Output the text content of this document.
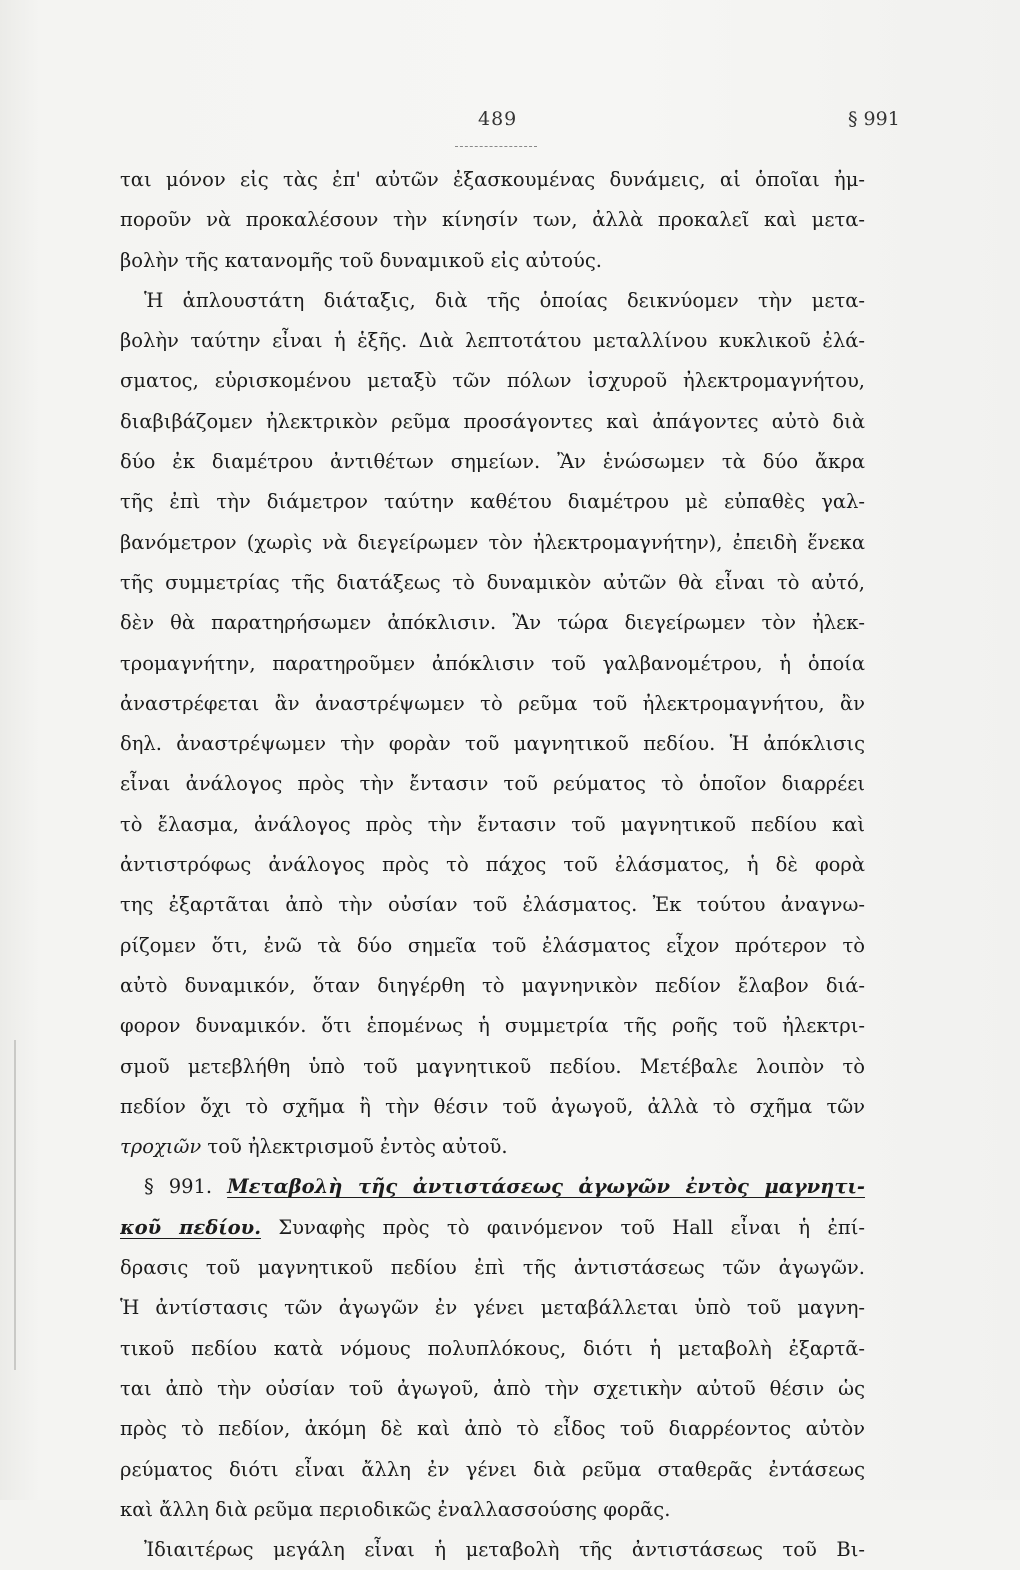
489	§ 991
ται μόνον εἰς τὰς ἐπ' αὐτῶν ἐξασκουμένας δυνάμεις, αἱ ὁποῖαι ἠμ-
ποροῦν νὰ προκαλέσουν τὴν κίνησίν των, ἀλλὰ προκαλεῖ καὶ μετα-
βολὴν τῆς κατανομῆς τοῦ δυναμικοῦ εἰς αὐτούς.
Ἡ ἁπλουστάτη διάταξις, διὰ τῆς ὁποίας δεικνύομεν τὴν μετα-
βολὴν ταύτην εἶναι ἡ ἑξῆς. Διὰ λεπτοτάτου μεταλλίνου κυκλικοῦ ἐλά-
σματος, εὑρισκομένου μεταξὺ τῶν πόλων ἰσχυροῦ ἠλεκτρομαγνήτου,
διαβιβάζομεν ἠλεκτρικὸν ρεῦμα προσάγοντες καὶ ἀπάγοντες αὐτὸ διὰ
δύο ἐκ διαμέτρου ἀντιθέτων σημείων. Ἂν ἑνώσωμεν τὰ δύο ἄκρα
τῆς ἐπὶ τὴν διάμετρον ταύτην καθέτου διαμέτρου μὲ εὐπαθὲς γαλ-
βανόμετρον (χωρὶς νὰ διεγείρωμεν τὸν ἠλεκτρομαγνήτην), ἐπειδὴ ἕνεκα
τῆς συμμετρίας τῆς διατάξεως τὸ δυναμικὸν αὐτῶν θὰ εἶναι τὸ αὐτό,
δὲν θὰ παρατηρήσωμεν ἀπόκλισιν. Ἂν τώρα διεγείρωμεν τὸν ἠλεκ-
τρομαγνήτην, παρατηροῦμεν ἀπόκλισιν τοῦ γαλβανομέτρου, ἡ ὁποία
ἀναστρέφεται ἂν ἀναστρέψωμεν τὸ ρεῦμα τοῦ ἠλεκτρομαγνήτου, ἂν
δηλ. ἀναστρέψωμεν τὴν φορὰν τοῦ μαγνητικοῦ πεδίου. Ἡ ἀπόκλισις
εἶναι ἀνάλογος πρὸς τὴν ἔντασιν τοῦ ρεύματος τὸ ὁποῖον διαρρέει
τὸ ἔλασμα, ἀνάλογος πρὸς τὴν ἔντασιν τοῦ μαγνητικοῦ πεδίου καὶ
ἀντιστρόφως ἀνάλογος πρὸς τὸ πάχος τοῦ ἐλάσματος, ἡ δὲ φορὰ
της ἐξαρτᾶται ἀπὸ τὴν οὐσίαν τοῦ ἐλάσματος. Ἐκ τούτου ἀναγνω-
ρίζομεν ὅτι, ἐνῶ τὰ δύο σημεῖα τοῦ ἐλάσματος εἶχον πρότερον τὸ
αὐτὸ δυναμικόν, ὅταν διηγέρθη τὸ μαγνηνικὸν πεδίον ἔλαβον διά-
φορον δυναμικόν. ὅτι ἑπομένως ἡ συμμετρία τῆς ροῆς τοῦ ἠλεκτρι-
σμοῦ μετεβλήθη ὑπὸ τοῦ μαγνητικοῦ πεδίου. Μετέβαλε λοιπὸν τὸ
πεδίον ὄχι τὸ σχῆμα ἢ τὴν θέσιν τοῦ ἀγωγοῦ, ἀλλὰ τὸ σχῆμα τῶν
τροχιῶν τοῦ ἠλεκτρισμοῦ ἐντὸς αὐτοῦ.
§ 991. Μεταβολὴ τῆς ἀντιστάσεως ἀγωγῶν ἐντὸς μαγνητι-
κοῦ πεδίου. Συναφὴς πρὸς τὸ φαινόμενον τοῦ Hall εἶναι ἡ ἐπί-
δρασις τοῦ μαγνητικοῦ πεδίου ἐπὶ τῆς ἀντιστάσεως τῶν ἀγωγῶν.
Ἡ ἀντίστασις τῶν ἀγωγῶν ἐν γένει μεταβάλλεται ὑπὸ τοῦ μαγνη-
τικοῦ πεδίου κατὰ νόμους πολυπλόκους, διότι ἡ μεταβολὴ ἐξαρτᾶ-
ται ἀπὸ τὴν οὐσίαν τοῦ ἀγωγοῦ, ἀπὸ τὴν σχετικὴν αὐτοῦ θέσιν ὡς
πρὸς τὸ πεδίον, ἀκόμη δὲ καὶ ἀπὸ τὸ εἶδος τοῦ διαρρέοντος αὐτὸν
ρεύματος διότι εἶναι ἄλλη ἐν γένει διὰ ρεῦμα σταθερᾶς ἐντάσεως
καὶ ἄλλη διὰ ρεῦμα περιοδικῶς ἐναλλασσούσης φορᾶς.
Ἰδιαιτέρως μεγάλη εἶναι ἡ μεταβολὴ τῆς ἀντιστάσεως τοῦ Βι-
